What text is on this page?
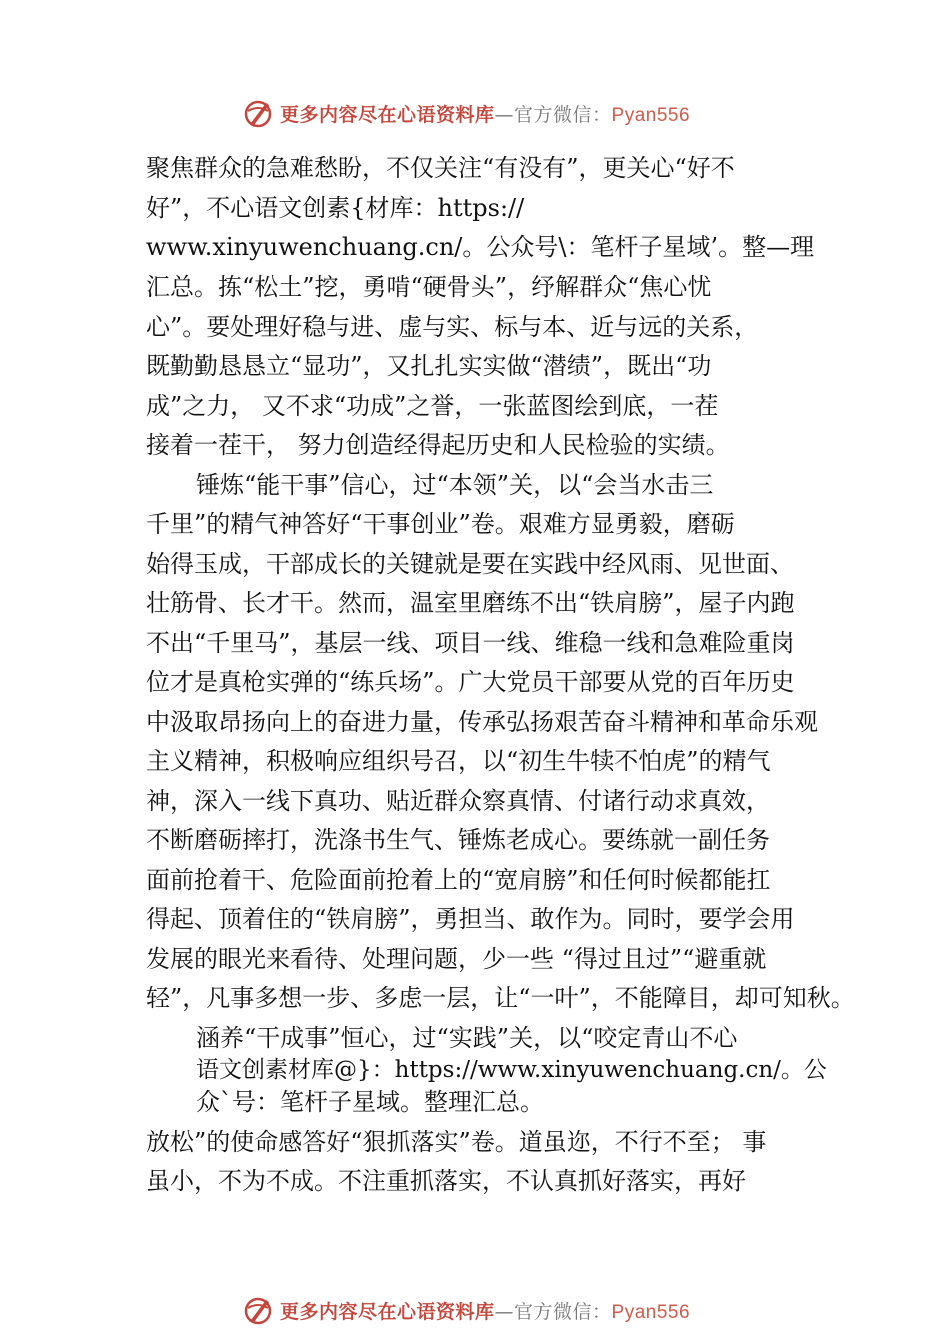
更多内容尽在心语资料库—官方微信：Pyan556
聚焦群众的急难愁盼，不仅关注“有没有”，更关心“好不
好”，不心语文创素{材库：https://
www.xinyuwenchuang.cn/。公众号\：笔杆子星域’。整—理
汇总。拣“松土”挖，勇啃“硬骨头”，纾解群众“焦心忧
心”。要处理好稳与进、虚与实、标与本、近与远的关系，
既勤勤恳恳立“显功”，又扎扎实实做“潜绩”，既出“功
成”之力， 又不求“功成”之誉，一张蓝图绘到底，一茬
接着一茬干， 努力创造经得起历史和人民检验的实绩。
锤炼“能干事”信心，过“本领”关，以“会当水击三
千里”的精气神答好“干事创业”卷。艰难方显勇毅，磨砺
始得玉成，干部成长的关键就是要在实践中经风雨、见世面、
壮筋骨、长才干。然而，温室里磨练不出“铁肩膀”，屋子内跑
不出“千里马”，基层一线、项目一线、维稳一线和急难险重岗
位才是真枪实弹的“练兵场”。广大党员干部要从党的百年历史
中汲取昂扬向上的奋进力量，传承弘扬艰苦奋斗精神和革命乐观
主义精神，积极响应组织号召，以“初生牛犊不怕虎”的精气
神，深入一线下真功、贴近群众察真情、付诸行动求真效，
不断磨砺摔打，洗涤书生气、锤炼老成心。要练就一副任务
面前抢着干、危险面前抢着上的“宽肩膀”和任何时候都能扛
得起、顶着住的“铁肩膀”，勇担当、敢作为。同时，要学会用
发展的眼光来看待、处理问题，少一些 “得过且过”“避重就
轻”，凡事多想一步、多虑一层，让“一叶”，不能障目，却可知秋。
涵养“干成事”恒心，过“实践”关，以“咬定青山不心
语文创素材库@}：https://www.xinyuwenchuang.cn/。公
众`号：笔杆子星域。整理汇总。
放松”的使命感答好“狠抓落实”卷。道虽迩，不行不至； 事
虽小，不为不成。不注重抓落实，不认真抓好落实，再好
更多内容尽在心语资料库—官方微信：Pyan556
